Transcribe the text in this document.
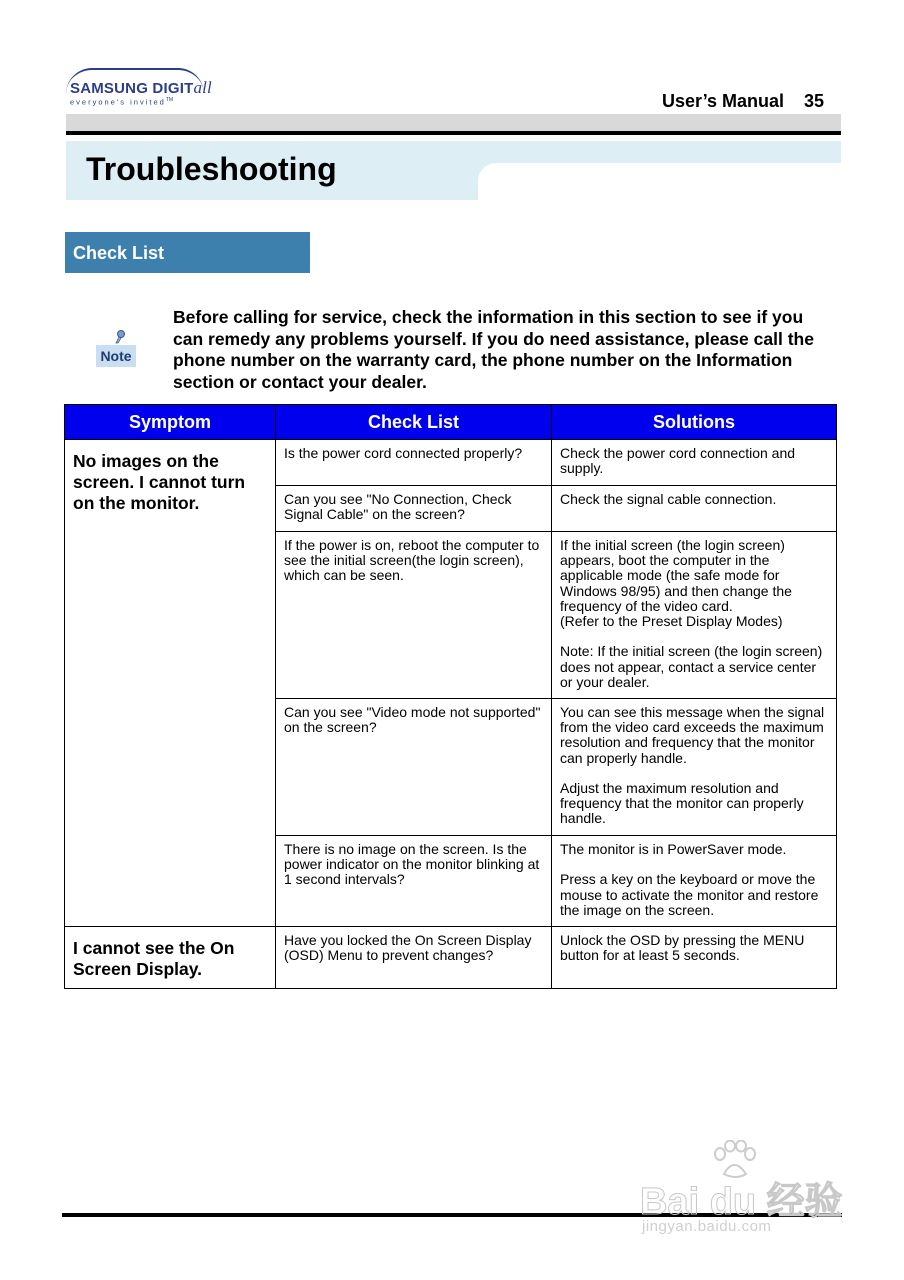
SAMSUNG DIGITall
everyone's invited™	User’s Manual    35
Troubleshooting
Check List
Note
Before calling for service, check the information in this section to see if you can remedy any problems yourself. If you do need assistance, please call the phone number on the warranty card, the phone number on the Information section or contact your dealer.
Symptom	Check List	Solutions
No images on the screen. I cannot turn on the monitor.	Is the power cord connected properly?	Check the power cord connection and supply.
	Can you see "No Connection, Check Signal Cable" on the screen?	Check the signal cable connection.
	If the power is on, reboot the computer to see the initial screen(the login screen), which can be seen.	If the initial screen (the login screen) appears, boot the computer in the applicable mode (the safe mode for Windows 98/95) and then change the frequency of the video card.
(Refer to the Preset Display Modes)

Note: If the initial screen (the login screen) does not appear, contact a service center or your dealer.
	Can you see "Video mode not supported" on the screen?	You can see this message when the signal from the video card exceeds the maximum resolution and frequency that the monitor can properly handle.

Adjust the maximum resolution and frequency that the monitor can properly handle.
	There is no image on the screen. Is the power indicator on the monitor blinking at 1 second intervals?	The monitor is in PowerSaver mode.

Press a key on the keyboard or move the mouse to activate the monitor and restore the image on the screen.
I cannot see the On Screen Display.	Have you locked the On Screen Display (OSD) Menu to prevent changes?	Unlock the OSD by pressing the MENU button for at least 5 seconds.
Bai du 经验
jingyan.baidu.com
